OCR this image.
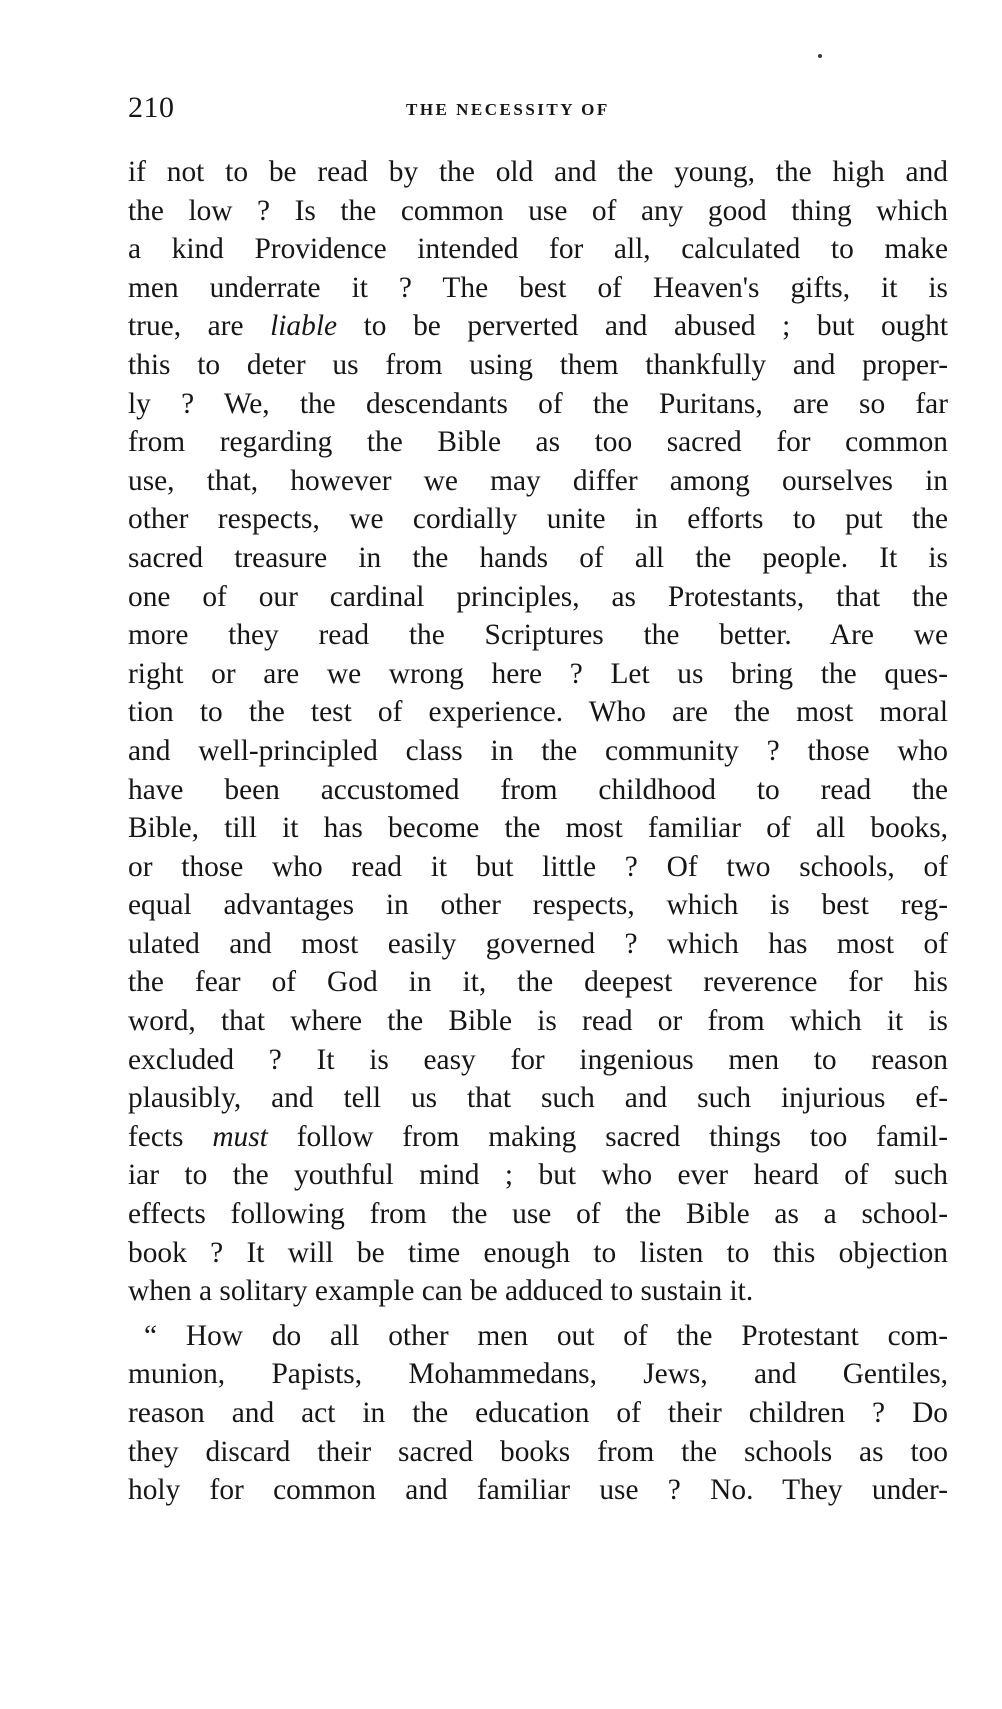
210	THE NECESSITY OF
if not to be read by the old and the young, the high and
the low ? Is the common use of any good thing which
a kind Providence intended for all, calculated to make
men underrate it ? The best of Heaven's gifts, it is
true, are liable to be perverted and abused ; but ought
this to deter us from using them thankfully and proper-
ly ? We, the descendants of the Puritans, are so far
from regarding the Bible as too sacred for common
use, that, however we may differ among ourselves in
other respects, we cordially unite in efforts to put the
sacred treasure in the hands of all the people. It is
one of our cardinal principles, as Protestants, that the
more they read the Scriptures the better. Are we
right or are we wrong here ? Let us bring the ques-
tion to the test of experience. Who are the most moral
and well-principled class in the community ? those who
have been accustomed from childhood to read the
Bible, till it has become the most familiar of all books,
or those who read it but little ? Of two schools, of
equal advantages in other respects, which is best reg-
ulated and most easily governed ? which has most of
the fear of God in it, the deepest reverence for his
word, that where the Bible is read or from which it is
excluded ? It is easy for ingenious men to reason
plausibly, and tell us that such and such injurious ef-
fects must follow from making sacred things too famil-
iar to the youthful mind ; but who ever heard of such
effects following from the use of the Bible as a school-
book ? It will be time enough to listen to this objection
when a solitary example can be adduced to sustain it.
“ How do all other men out of the Protestant com-
munion, Papists, Mohammedans, Jews, and Gentiles,
reason and act in the education of their children ? Do
they discard their sacred books from the schools as too
holy for common and familiar use ? No. They under-
